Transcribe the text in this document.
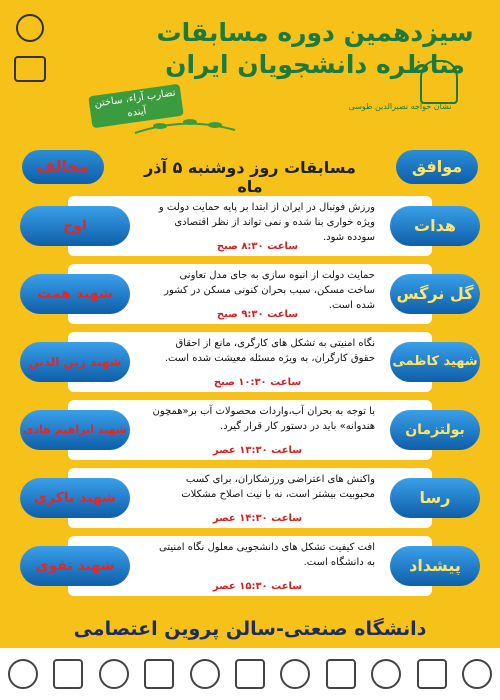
سیزدهمین دوره مسابقات
مناظره دانشجویان ایران
نشان خواجه نصیرالدین طوسی
تضارب آراء، ساختن آینده
مسابقات روز دوشنبه ۵ آذر ماه
موافق
مخالف
ورزش فوتبال در ایران از ابتدا بر پایه حمایت دولت و ویژه خواری بنا شده و نمی تواند از نظر اقتصادی سودده شود.
ساعت ۸:۳۰ صبح
هدات
اوج
حمایت دولت از انبوه سازی به جای مدل تعاونی ساخت مسکن، سبب بحران کنونی مسکن در کشور شده است.
ساعت ۹:۳۰ صبح
گل نرگس
شهید همت
نگاه امنیتی به تشکل های کارگری، مانع از احقاق حقوق کارگران، به ویژه مسئله معیشت شده است.
ساعت ۱۰:۳۰ صبح
شهید کاظمی
شهید زین الدین
با توجه به بحران آب،واردات محصولات آب بر«همچون هندوانه» باید در دستور کار قرار گیرد.
ساعت ۱۳:۳۰ عصر
بولتزمان
شهید ابراهیم هادی
واکنش های اعتراضی ورزشکاران، برای کسب محبوبیت بیشتر است، نه با نیت اصلاح مشکلات
ساعت ۱۴:۳۰ عصر
رسا
شهید باکری
افت کیفیت تشکل های دانشجویی معلول نگاه امنیتی به دانشگاه است.
ساعت ۱۵:۳۰ عصر
پیشداد
شهید تقوی
دانشگاه صنعتی-سالن پروین اعتصامی
